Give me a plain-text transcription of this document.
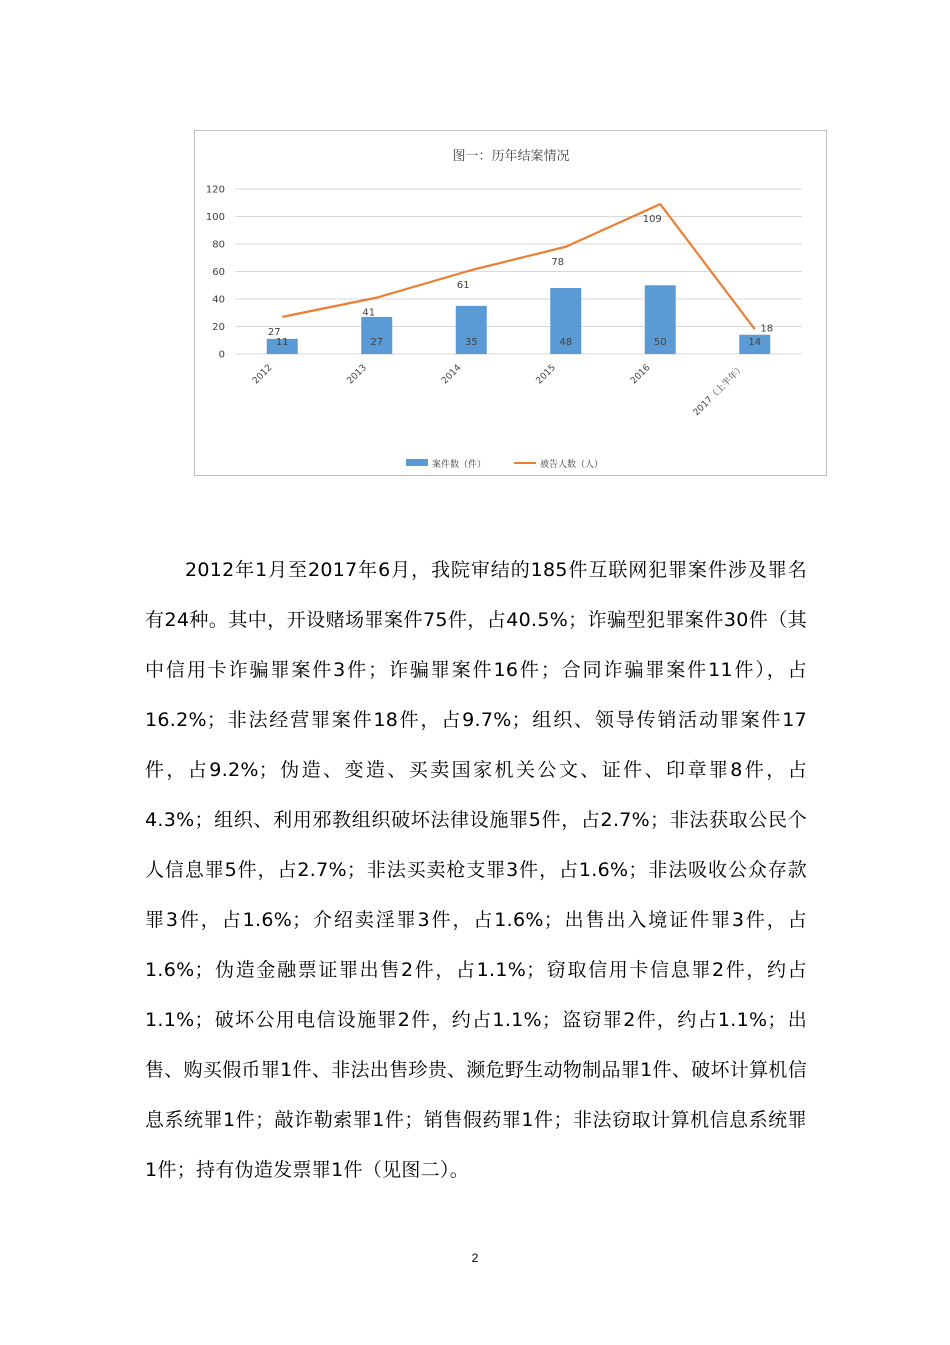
图一：历年结案情况
0
20
40
60
80
100
120
11	27	35	48	50	14
27
41
61
78
109
18
2012	2013	2014	2015	2016	2017（上半年）
案件数（件）	被告人数（人）

2012年1月至2017年6月，我院审结的185件互联网犯罪案件涉及罪名有24种。其中，开设赌场罪案件75件，占40.5%；诈骗型犯罪案件30件（其中信用卡诈骗罪案件3件；诈骗罪案件16件；合同诈骗罪案件11件），占16.2%；非法经营罪案件18件，占9.7%；组织、领导传销活动罪案件17件，占9.2%；伪造、变造、买卖国家机关公文、证件、印章罪8件，占4.3%；组织、利用邪教组织破坏法律设施罪5件，占2.7%；非法获取公民个人信息罪5件，占2.7%；非法买卖枪支罪3件，占1.6%；非法吸收公众存款罪3件，占1.6%；介绍卖淫罪3件，占1.6%；出售出入境证件罪3件，占1.6%；伪造金融票证罪出售2件，占1.1%；窃取信用卡信息罪2件，约占1.1%；破坏公用电信设施罪2件，约占1.1%；盗窃罪2件，约占1.1%；出售、购买假币罪1件、非法出售珍贵、濒危野生动物制品罪1件、破坏计算机信息系统罪1件；敲诈勒索罪1件；销售假药罪1件；非法窃取计算机信息系统罪1件；持有伪造发票罪1件（见图二）。

2
